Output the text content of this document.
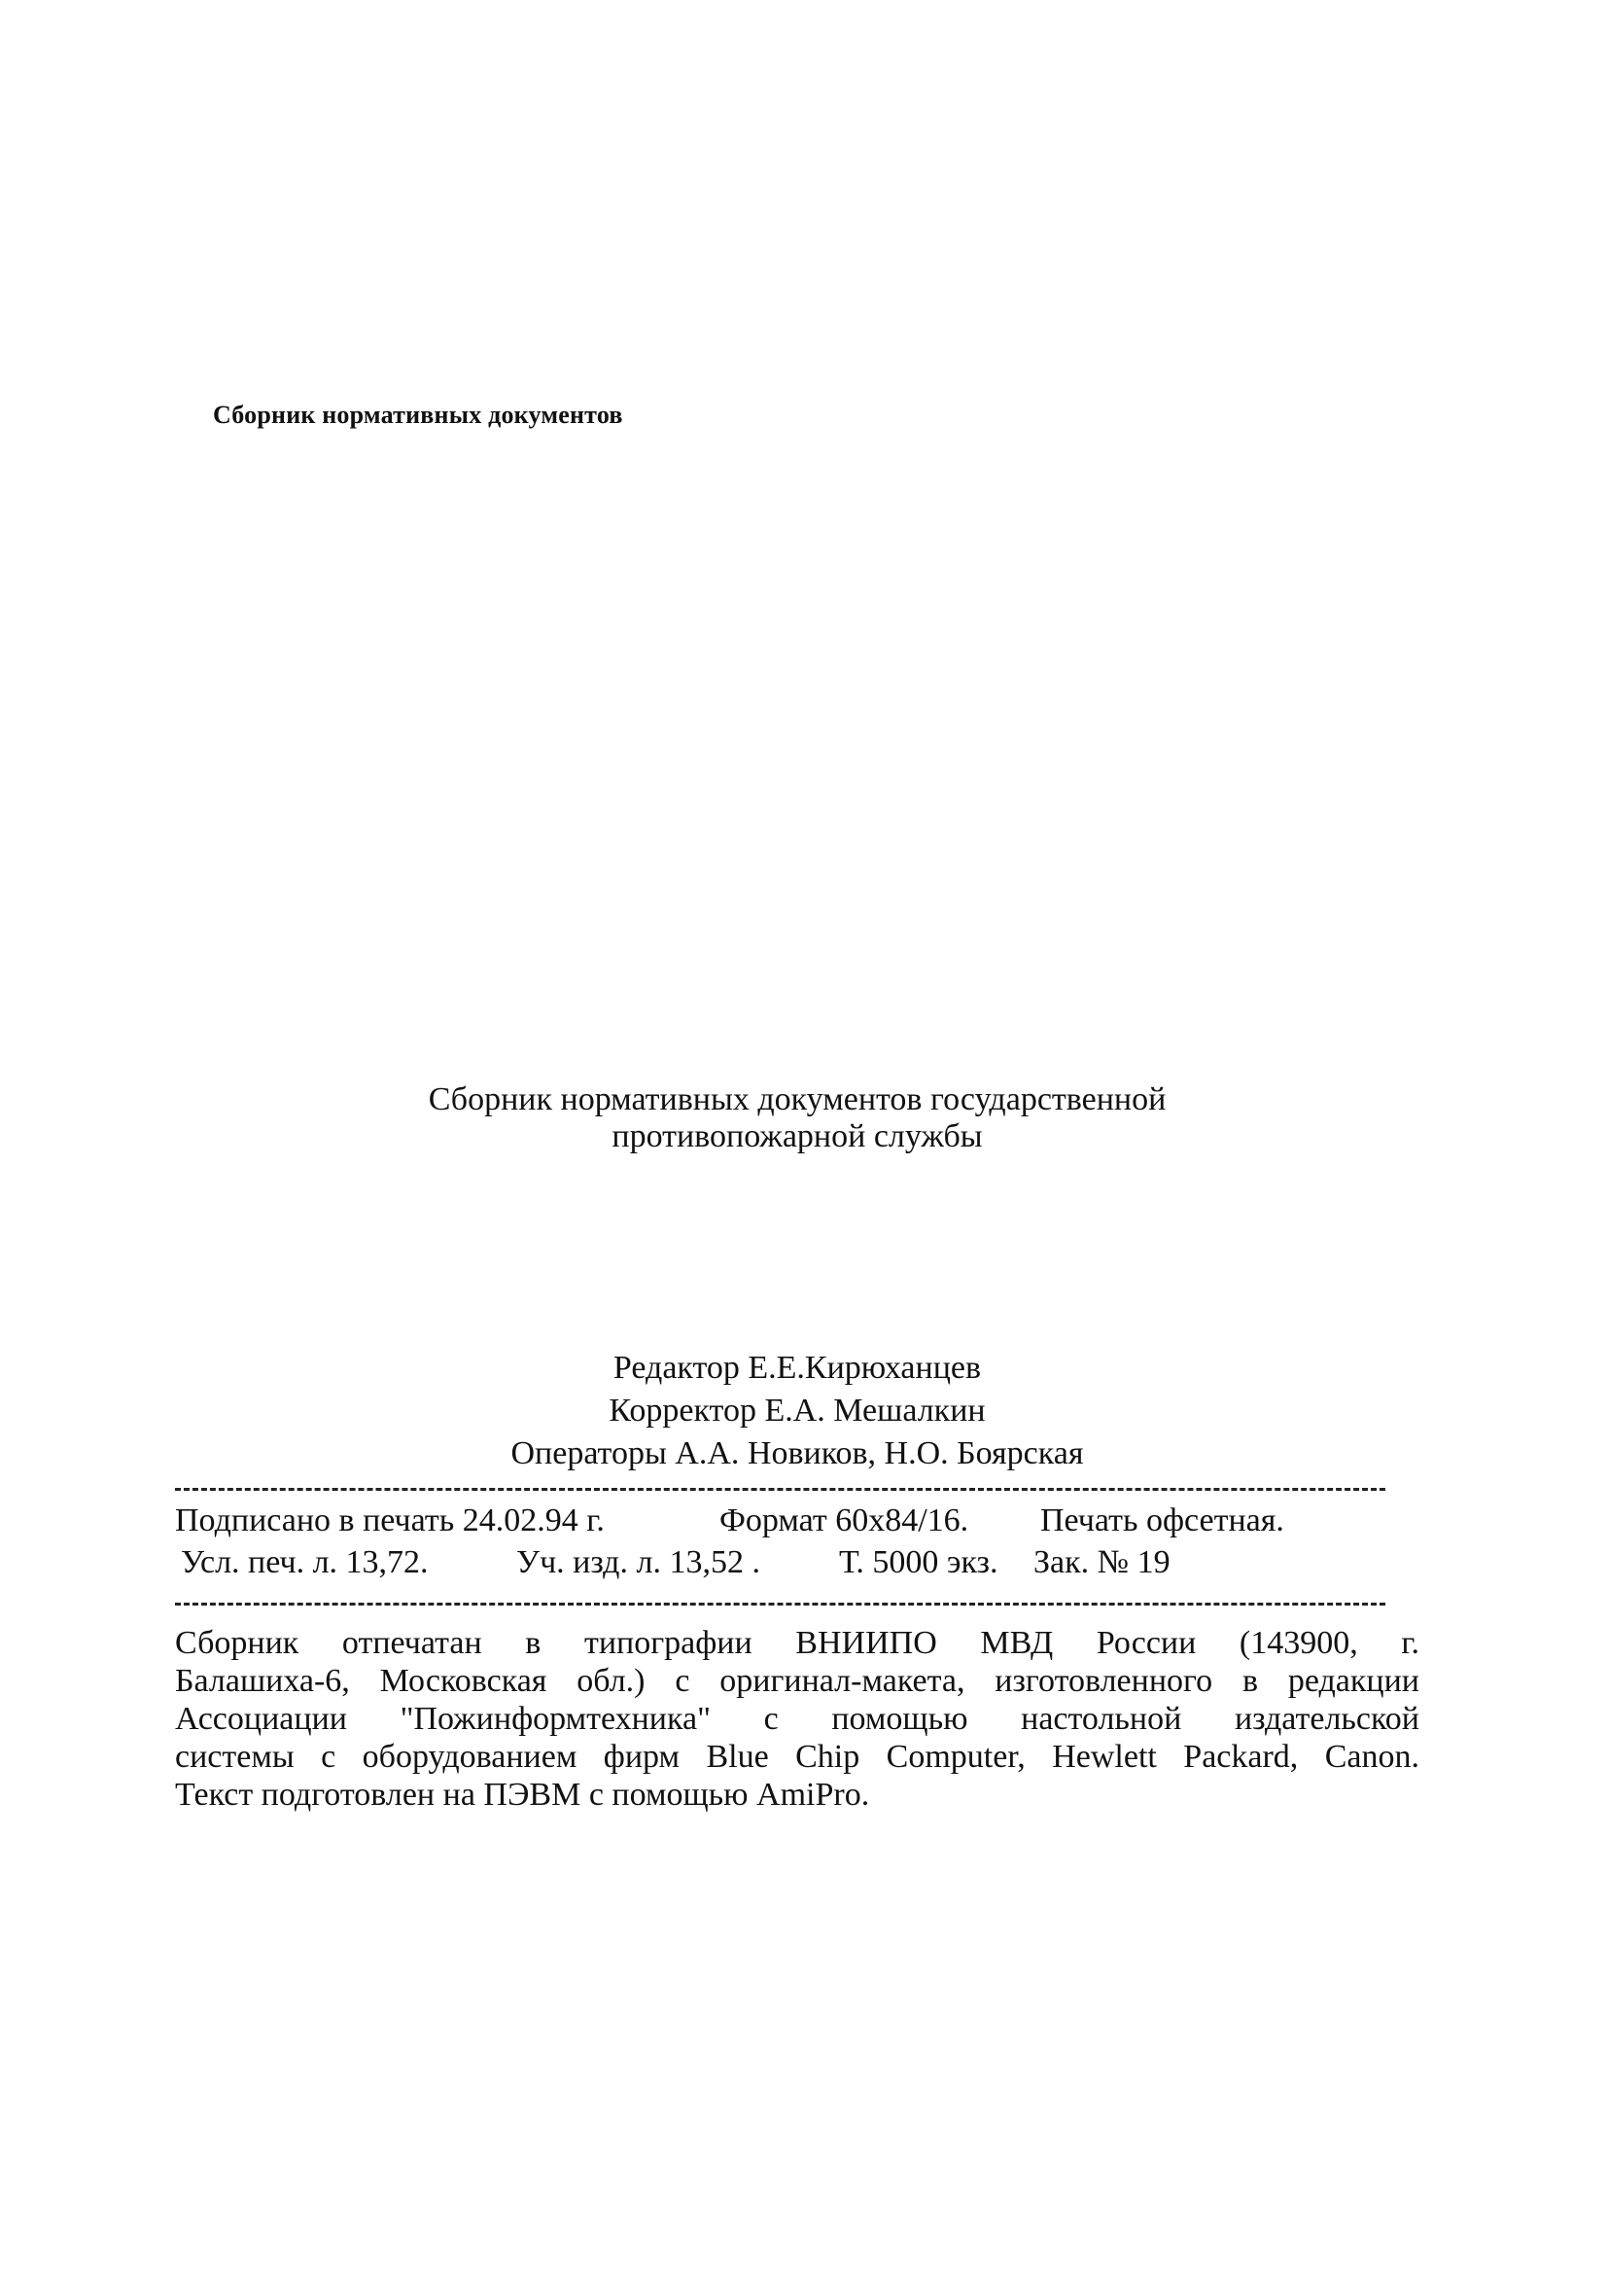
Сборник нормативных документов
Сборник нормативных документов государственной
противопожарной службы
Редактор Е.Е.Кирюханцев
Корректор Е.А. Мешалкин
Операторы А.А. Новиков, Н.О. Боярская
Подписано в печать 24.02.94 г.	Формат 60х84/16. Печать офсетная.
Усл. печ. л. 13,72.	Уч. изд. л. 13,52 . Т. 5000 экз. Зак. № 19
Сборник отпечатан в типографии ВНИИПО МВД России (143900, г.
Балашиха-6, Московская обл.) с оригинал-макета, изготовленного в редакции
Ассоциации "Пожинформтехника" с помощью настольной издательской
системы с оборудованием фирм Blue Chip Computer, Hewlett Packard, Canon.
Текст подготовлен на ПЭВМ с помощью AmiPro.
